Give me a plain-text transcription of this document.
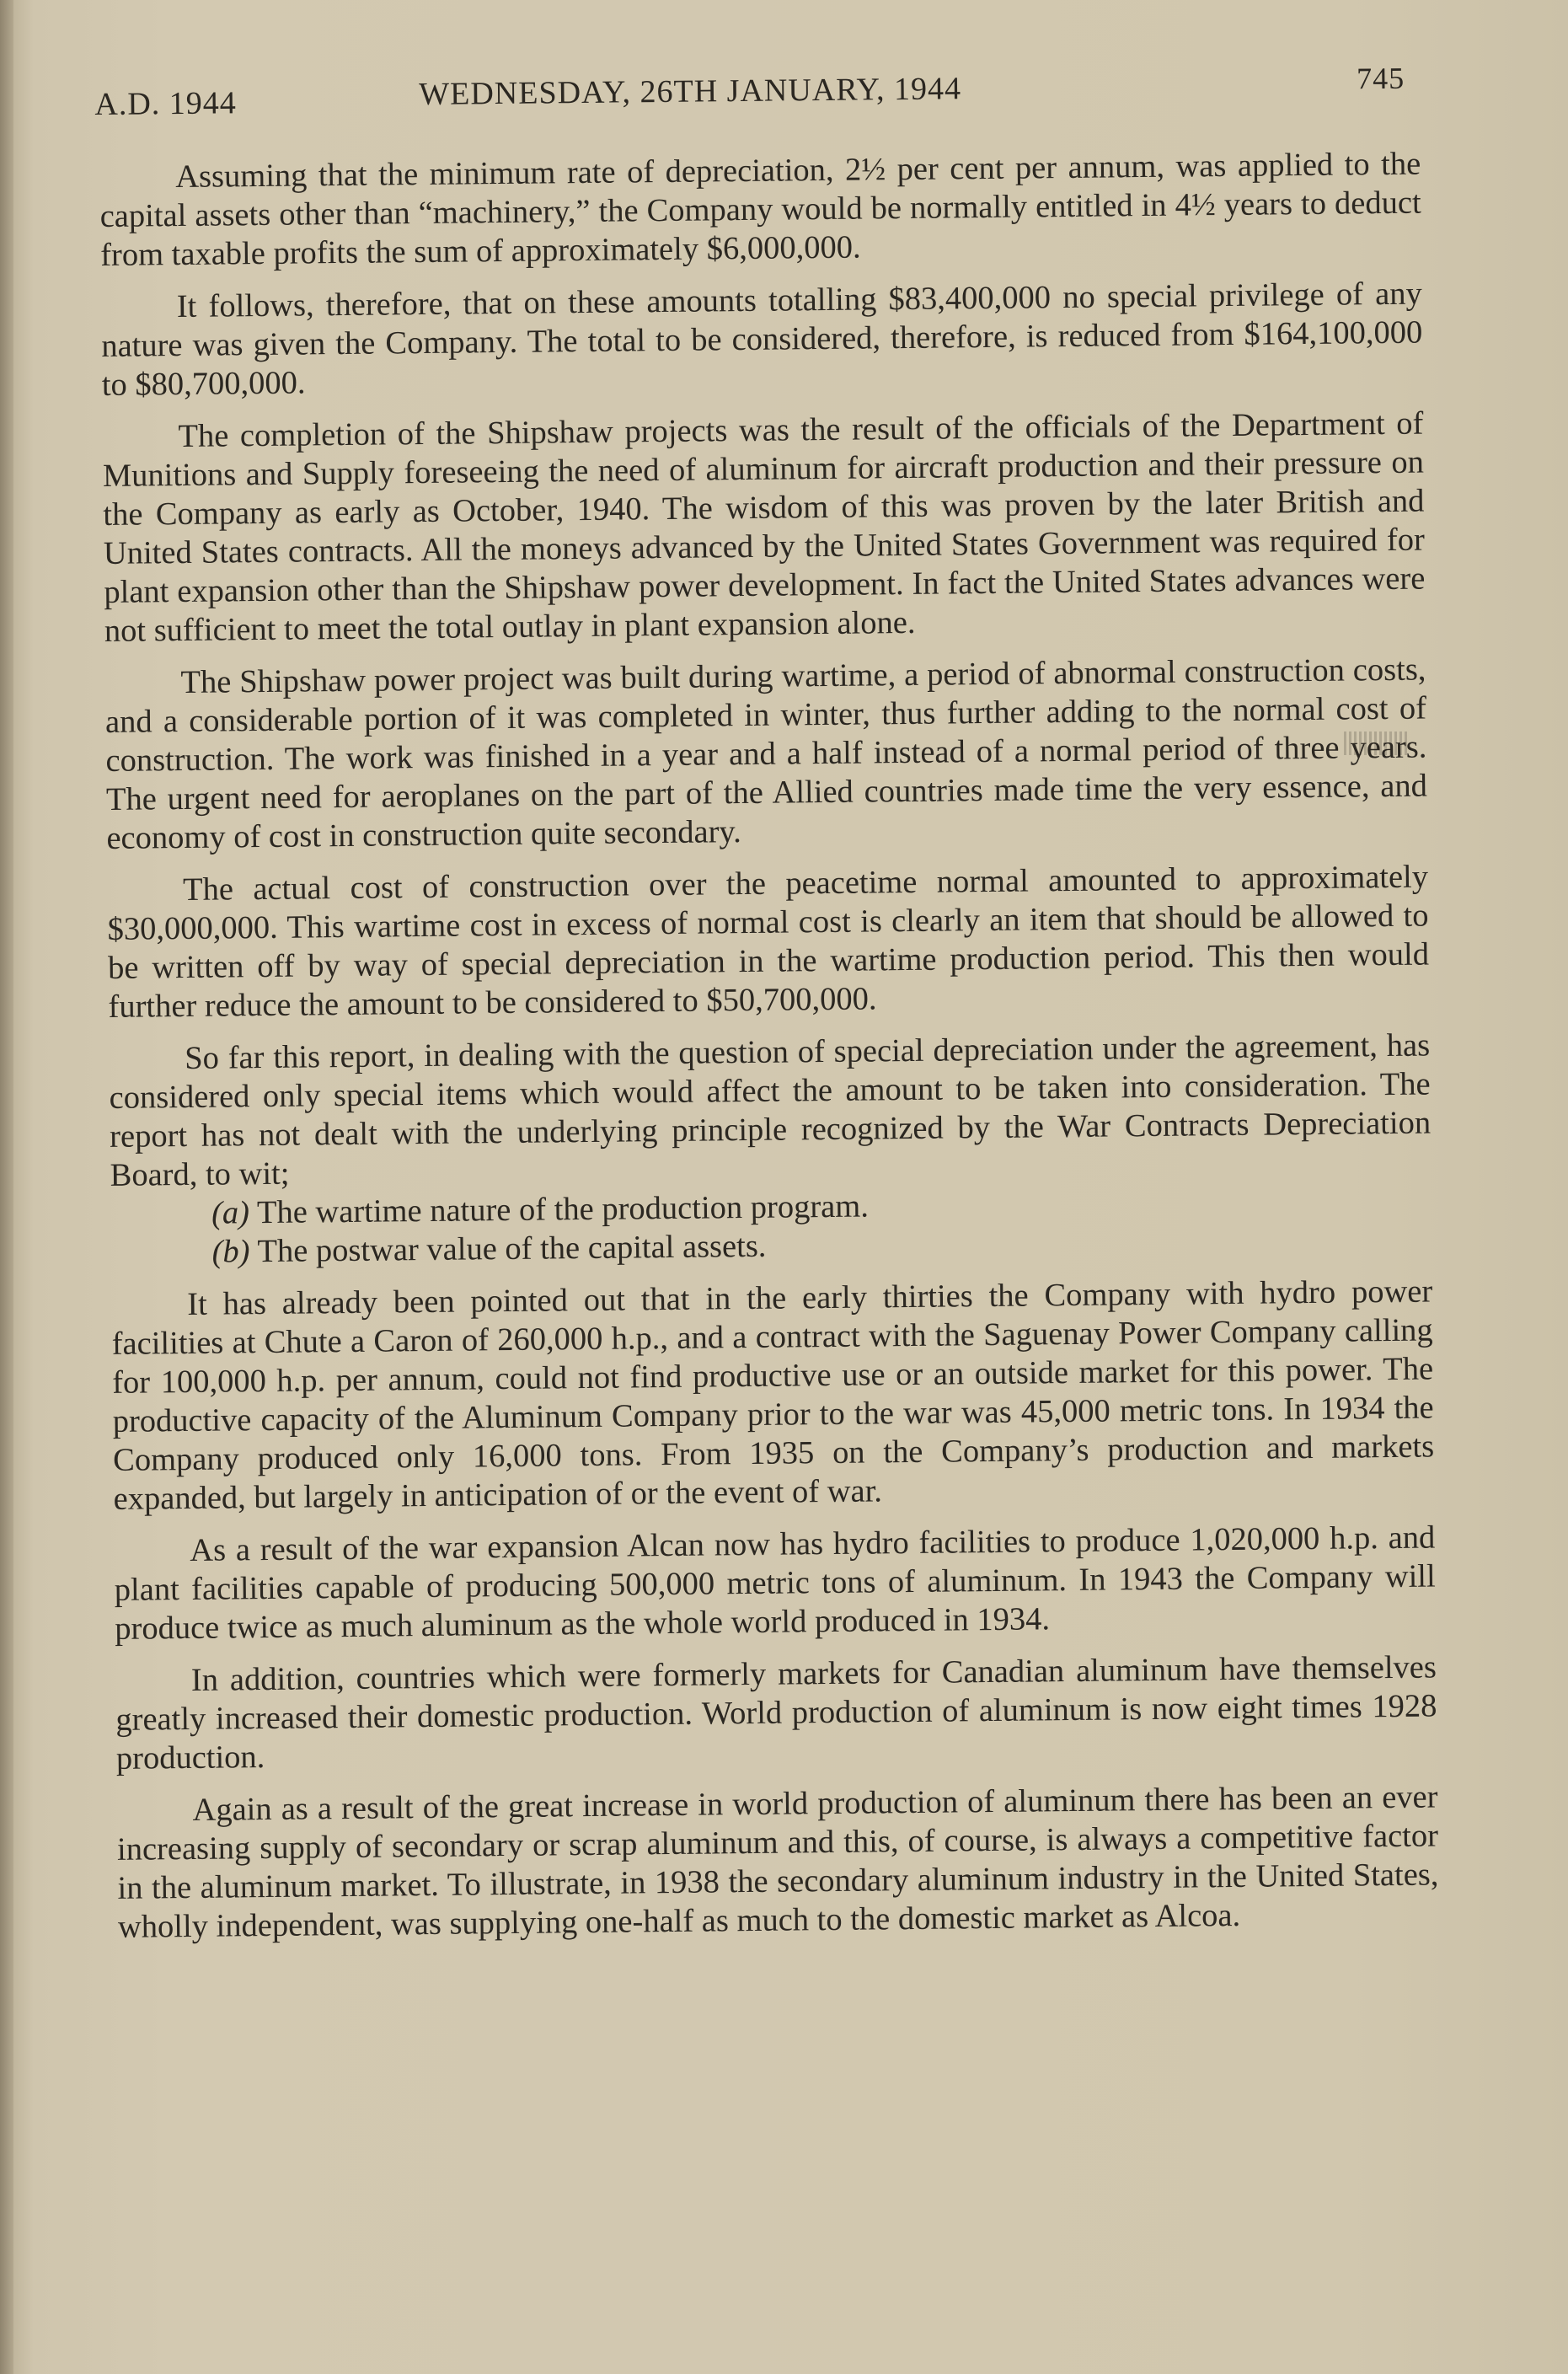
A.D. 1944	WEDNESDAY, 26TH JANUARY, 1944	745

Assuming that the minimum rate of depreciation, 2½ per cent per annum, was applied to the capital assets other than “machinery,” the Company would be normally entitled in 4½ years to deduct from taxable profits the sum of approximately $6,000,000.

It follows, therefore, that on these amounts totalling $83,400,000 no special privilege of any nature was given the Company. The total to be considered, therefore, is reduced from $164,100,000 to $80,700,000.

The completion of the Shipshaw projects was the result of the officials of the Department of Munitions and Supply foreseeing the need of aluminum for aircraft production and their pressure on the Company as early as October, 1940. The wisdom of this was proven by the later British and United States contracts. All the moneys advanced by the United States Government was required for plant expansion other than the Shipshaw power development. In fact the United States advances were not sufficient to meet the total outlay in plant expansion alone.

The Shipshaw power project was built during wartime, a period of abnormal construction costs, and a considerable portion of it was completed in winter, thus further adding to the normal cost of construction. The work was finished in a year and a half instead of a normal period of three years. The urgent need for aeroplanes on the part of the Allied countries made time the very essence, and economy of cost in construction quite secondary.

The actual cost of construction over the peacetime normal amounted to approximately $30,000,000. This wartime cost in excess of normal cost is clearly an item that should be allowed to be written off by way of special depreciation in the wartime production period. This then would further reduce the amount to be considered to $50,700,000.

So far this report, in dealing with the question of special depreciation under the agreement, has considered only special items which would affect the amount to be taken into consideration. The report has not dealt with the underlying principle recognized by the War Contracts Depreciation Board, to wit;

(a) The wartime nature of the production program.

(b) The postwar value of the capital assets.

It has already been pointed out that in the early thirties the Company with hydro power facilities at Chute a Caron of 260,000 h.p., and a contract with the Saguenay Power Company calling for 100,000 h.p. per annum, could not find productive use or an outside market for this power. The productive capacity of the Aluminum Company prior to the war was 45,000 metric tons. In 1934 the Company produced only 16,000 tons. From 1935 on the Company’s production and markets expanded, but largely in anticipation of or the event of war.

As a result of the war expansion Alcan now has hydro facilities to produce 1,020,000 h.p. and plant facilities capable of producing 500,000 metric tons of aluminum. In 1943 the Company will produce twice as much aluminum as the whole world produced in 1934.

In addition, countries which were formerly markets for Canadian aluminum have themselves greatly increased their domestic production. World production of aluminum is now eight times 1928 production.

Again as a result of the great increase in world production of aluminum there has been an ever increasing supply of secondary or scrap aluminum and this, of course, is always a competitive factor in the aluminum market. To illustrate, in 1938 the secondary aluminum industry in the United States, wholly independent, was supplying one-half as much to the domestic market as Alcoa.
